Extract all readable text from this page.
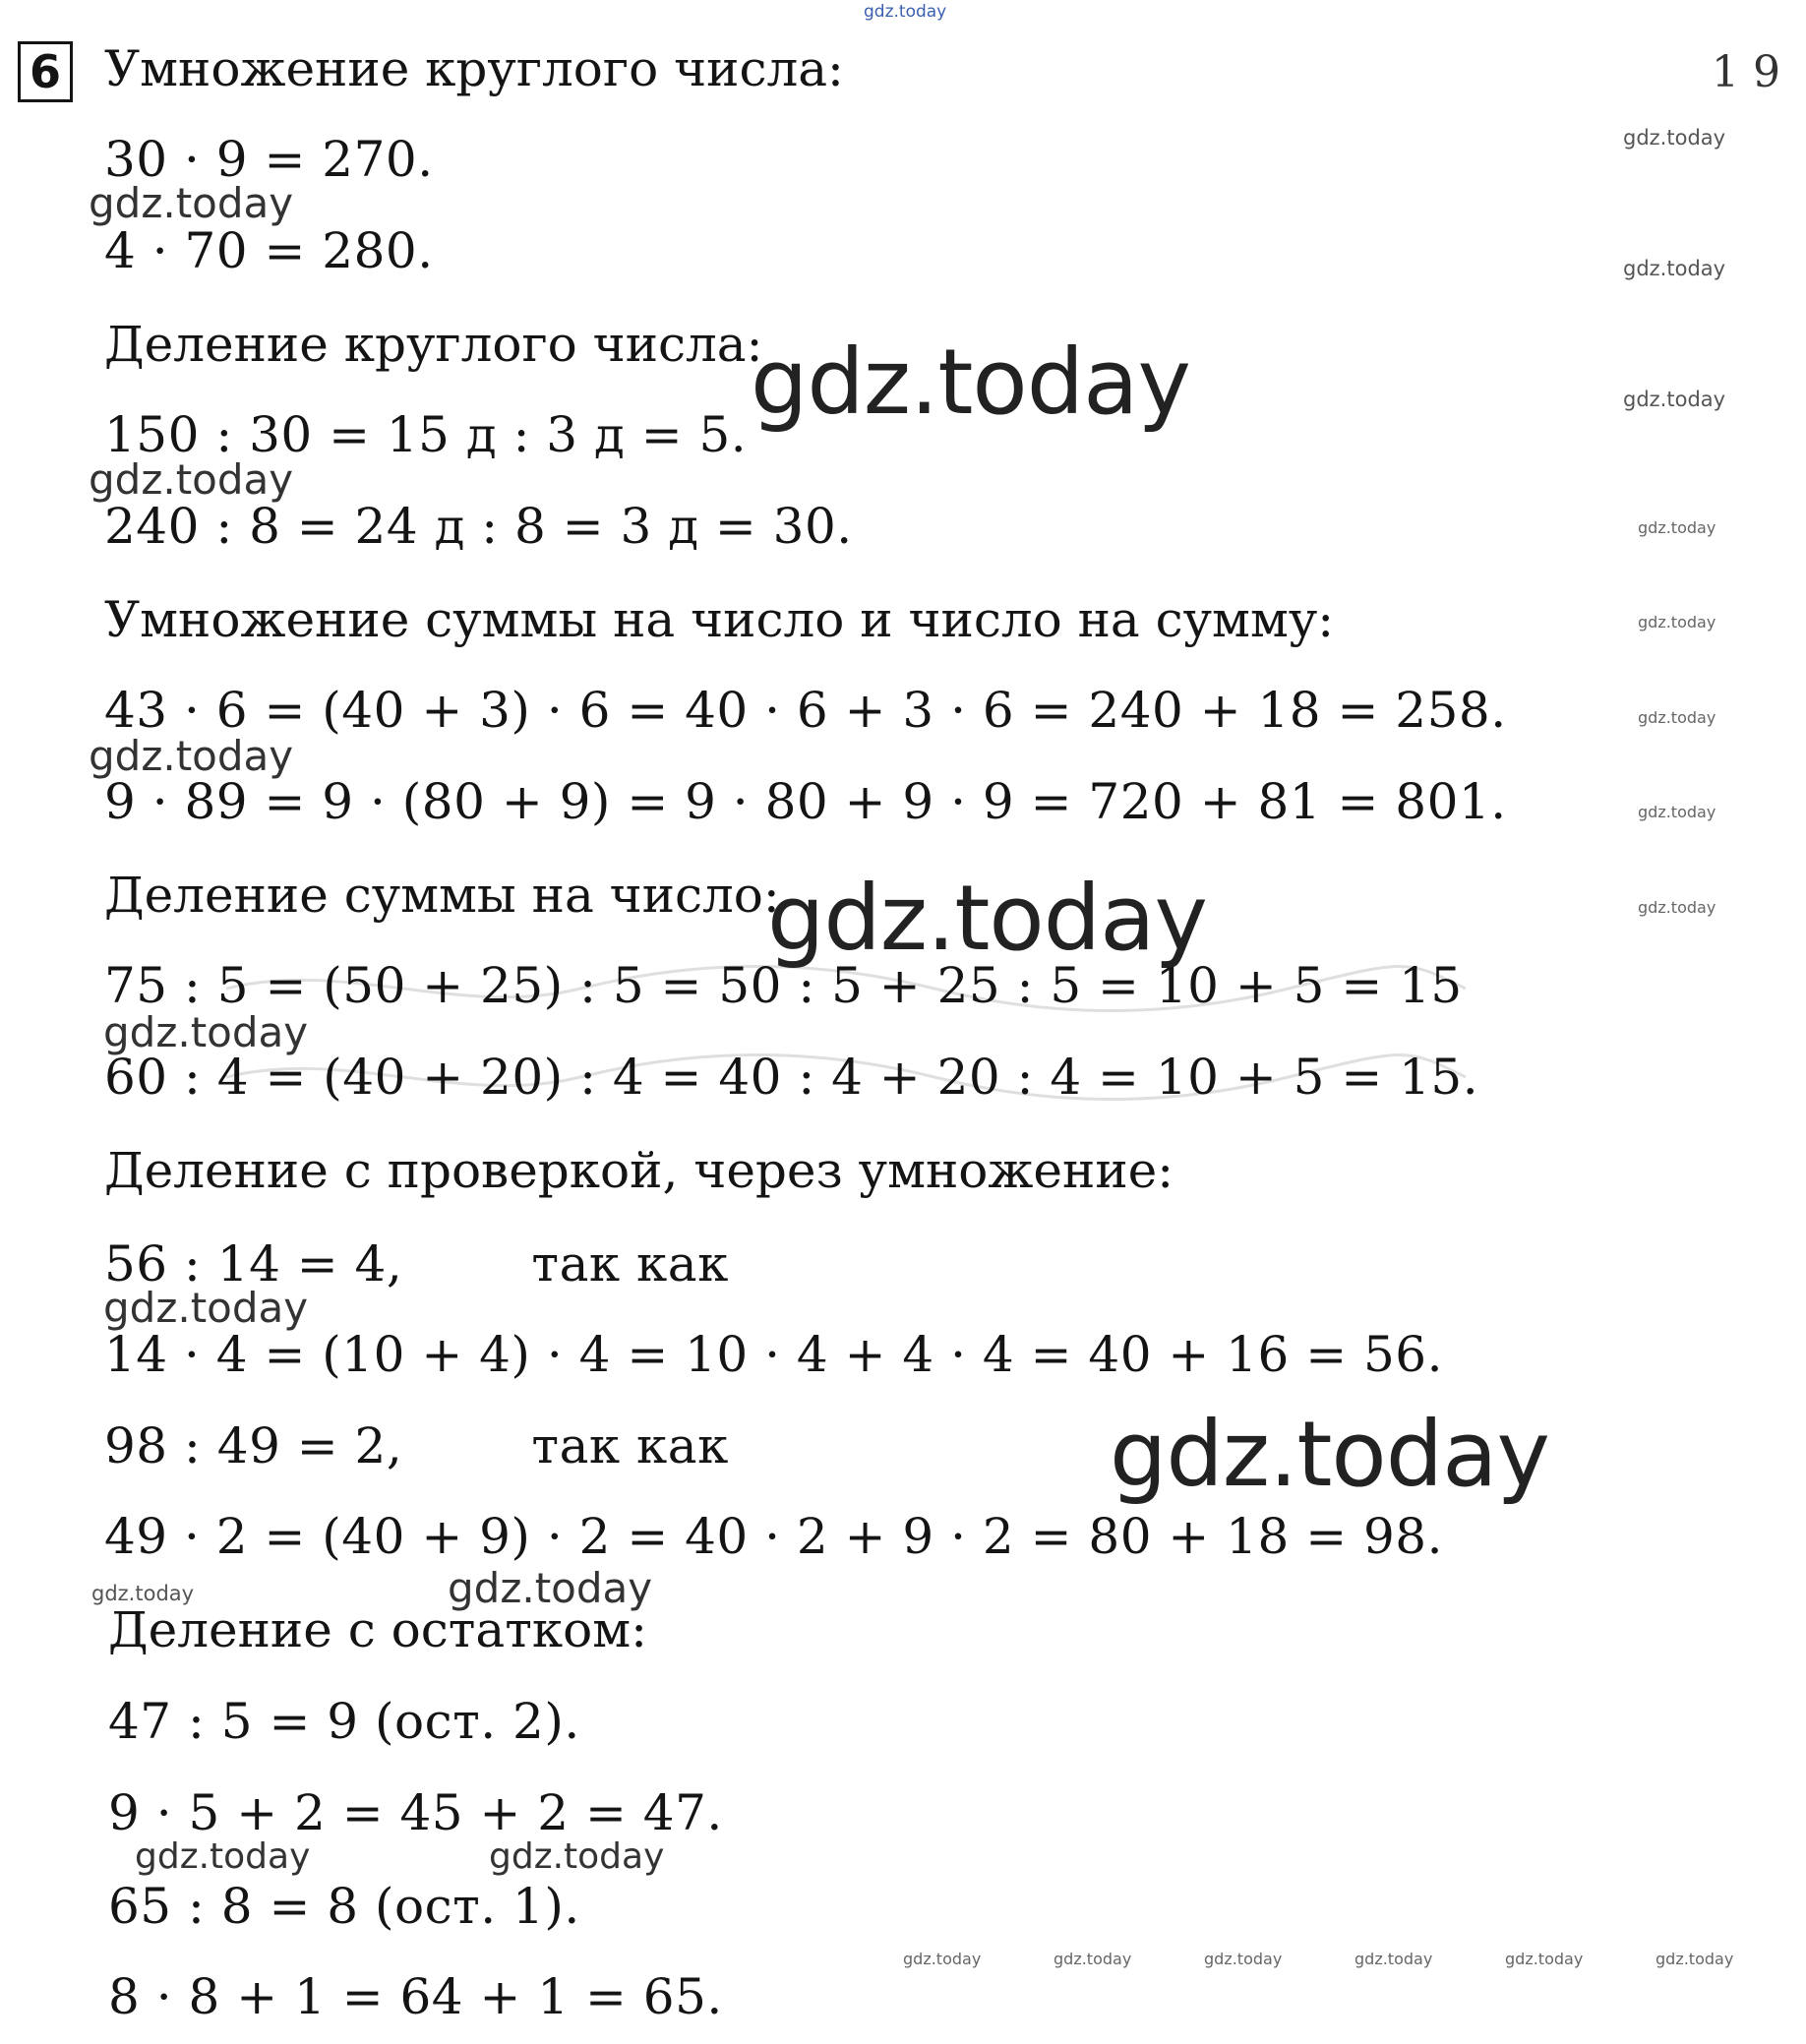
6 Умножение круглого числа:
30 · 9 = 270.
4 · 70 = 280.
Деление круглого числа:
150 : 30 = 15 д : 3 д = 5.
240 : 8 = 24 д : 8 = 3 д = 30.
Умножение суммы на число и число на сумму:
43 · 6 = (40 + 3) · 6 = 40 · 6 + 3 · 6 = 240 + 18 = 258.
9 · 89 = 9 · (80 + 9) = 9 · 80 + 9 · 9 = 720 + 81 = 801.
Деление суммы на число:
75 : 5 = (50 + 25) : 5 = 50 : 5 + 25 : 5 = 10 + 5 = 15
60 : 4 = (40 + 20) : 4 = 40 : 4 + 20 : 4 = 10 + 5 = 15.
Деление с проверкой, через умножение:
56 : 14 = 4,        так как
14 · 4 = (10 + 4) · 4 = 10 · 4 + 4 · 4 = 40 + 16 = 56.
98 : 49 = 2,        так как
49 · 2 = (40 + 9) · 2 = 40 · 2 + 9 · 2 = 80 + 18 = 98.
Деление с остатком:
47 : 5 = 9 (ост. 2).
9 · 5 + 2 = 45 + 2 = 47.
65 : 8 = 8 (ост. 1).
8 · 8 + 1 = 64 + 1 = 65.
1 9
gdz.today
gdz.today
gdz.today
gdz.today
gdz.today
gdz.today
gdz.today
gdz.today
gdz.today
gdz.today
gdz.today	gdz.today
gdz.today
gdz.today
gdz.today
gdz.today
gdz.today
gdz.today
gdz.today
gdz.today
gdz.today
gdz.today	gdz.today	gdz.today	gdz.today	gdz.today	gdz.today
